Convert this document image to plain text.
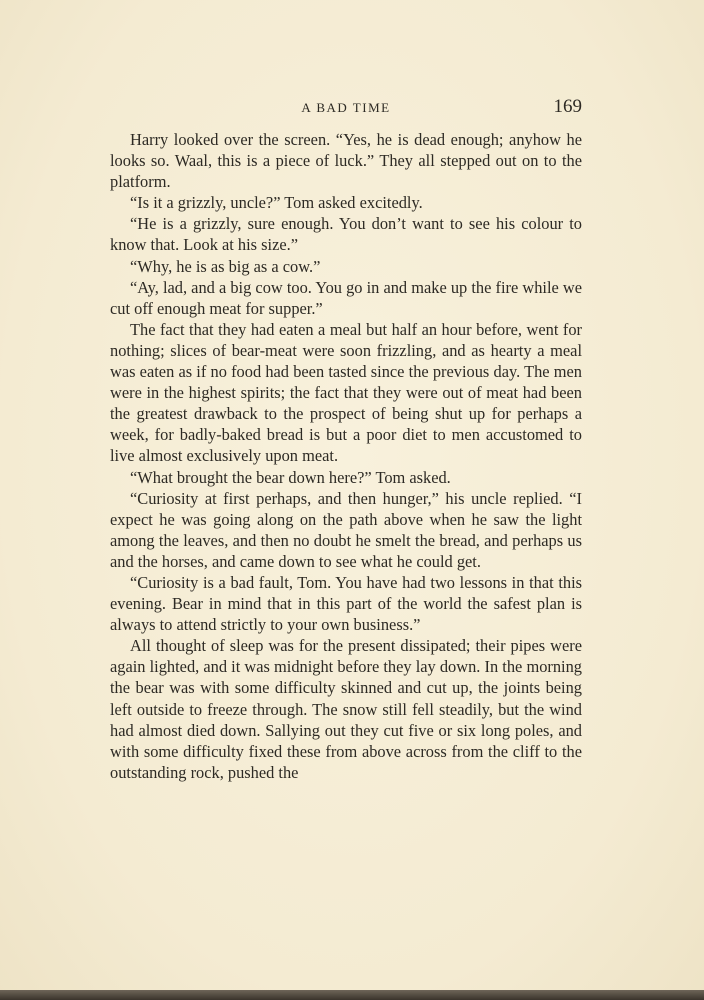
A BAD TIME	169

Harry looked over the screen. “Yes, he is dead enough; anyhow he looks so. Waal, this is a piece of luck.” They all stepped out on to the platform.

“Is it a grizzly, uncle?” Tom asked excitedly.

“He is a grizzly, sure enough. You don’t want to see his colour to know that. Look at his size.”

“Why, he is as big as a cow.”

“Ay, lad, and a big cow too. You go in and make up the fire while we cut off enough meat for supper.”

The fact that they had eaten a meal but half an hour before, went for nothing; slices of bear-meat were soon frizzling, and as hearty a meal was eaten as if no food had been tasted since the previous day. The men were in the highest spirits; the fact that they were out of meat had been the greatest drawback to the prospect of being shut up for perhaps a week, for badly-baked bread is but a poor diet to men accustomed to live almost exclusively upon meat.

“What brought the bear down here?” Tom asked.

“Curiosity at first perhaps, and then hunger,” his uncle replied. “I expect he was going along on the path above when he saw the light among the leaves, and then no doubt he smelt the bread, and perhaps us and the horses, and came down to see what he could get.

“Curiosity is a bad fault, Tom. You have had two lessons in that this evening. Bear in mind that in this part of the world the safest plan is always to attend strictly to your own business.”

All thought of sleep was for the present dissipated; their pipes were again lighted, and it was midnight before they lay down. In the morning the bear was with some difficulty skinned and cut up, the joints being left outside to freeze through. The snow still fell steadily, but the wind had almost died down. Sallying out they cut five or six long poles, and with some difficulty fixed these from above across from the cliff to the outstanding rock, pushed the
